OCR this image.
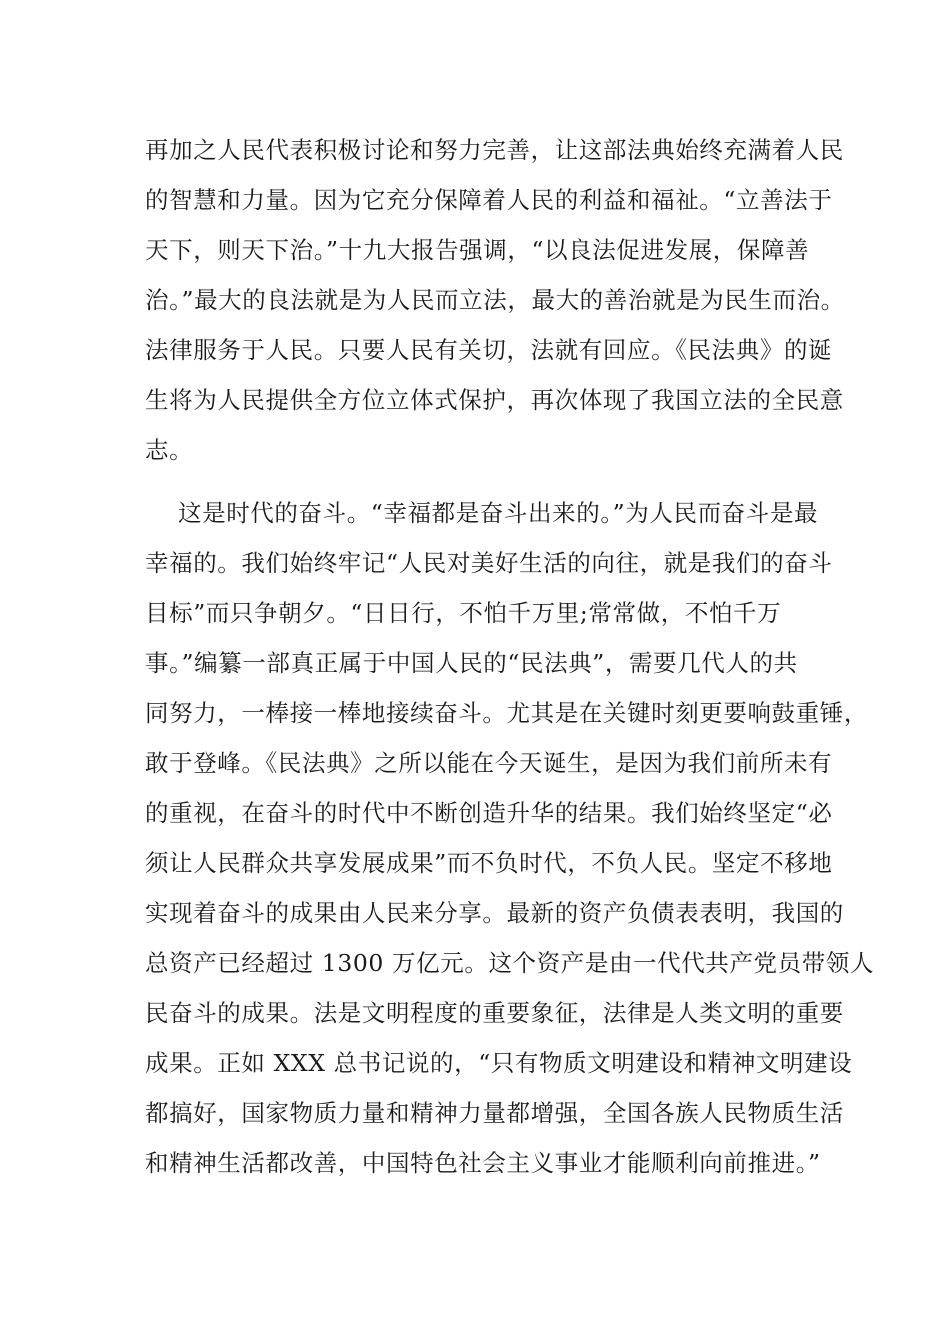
再加之人民代表积极讨论和努力完善，让这部法典始终充满着人民
的智慧和力量。因为它充分保障着人民的利益和福祉。“立善法于
天下，则天下治。”十九大报告强调，“以良法促进发展，保障善
治。”最大的良法就是为人民而立法，最大的善治就是为民生而治。
法律服务于人民。只要人民有关切，法就有回应。《民法典》的诞
生将为人民提供全方位立体式保护，再次体现了我国立法的全民意
志。
这是时代的奋斗。“幸福都是奋斗出来的。”为人民而奋斗是最
幸福的。我们始终牢记“人民对美好生活的向往，就是我们的奋斗
目标”而只争朝夕。“日日行，不怕千万里;常常做，不怕千万
事。”编纂一部真正属于中国人民的“民法典”，需要几代人的共
同努力，一棒接一棒地接续奋斗。尤其是在关键时刻更要响鼓重锤，
敢于登峰。《民法典》之所以能在今天诞生，是因为我们前所未有
的重视，在奋斗的时代中不断创造升华的结果。我们始终坚定“必
须让人民群众共享发展成果”而不负时代，不负人民。坚定不移地
实现着奋斗的成果由人民来分享。最新的资产负债表表明，我国的
总资产已经超过 1300 万亿元。这个资产是由一代代共产党员带领人
民奋斗的成果。法是文明程度的重要象征，法律是人类文明的重要
成果。正如 XXX 总书记说的，“只有物质文明建设和精神文明建设
都搞好，国家物质力量和精神力量都增强，全国各族人民物质生活
和精神生活都改善，中国特色社会主义事业才能顺利向前推进。”
